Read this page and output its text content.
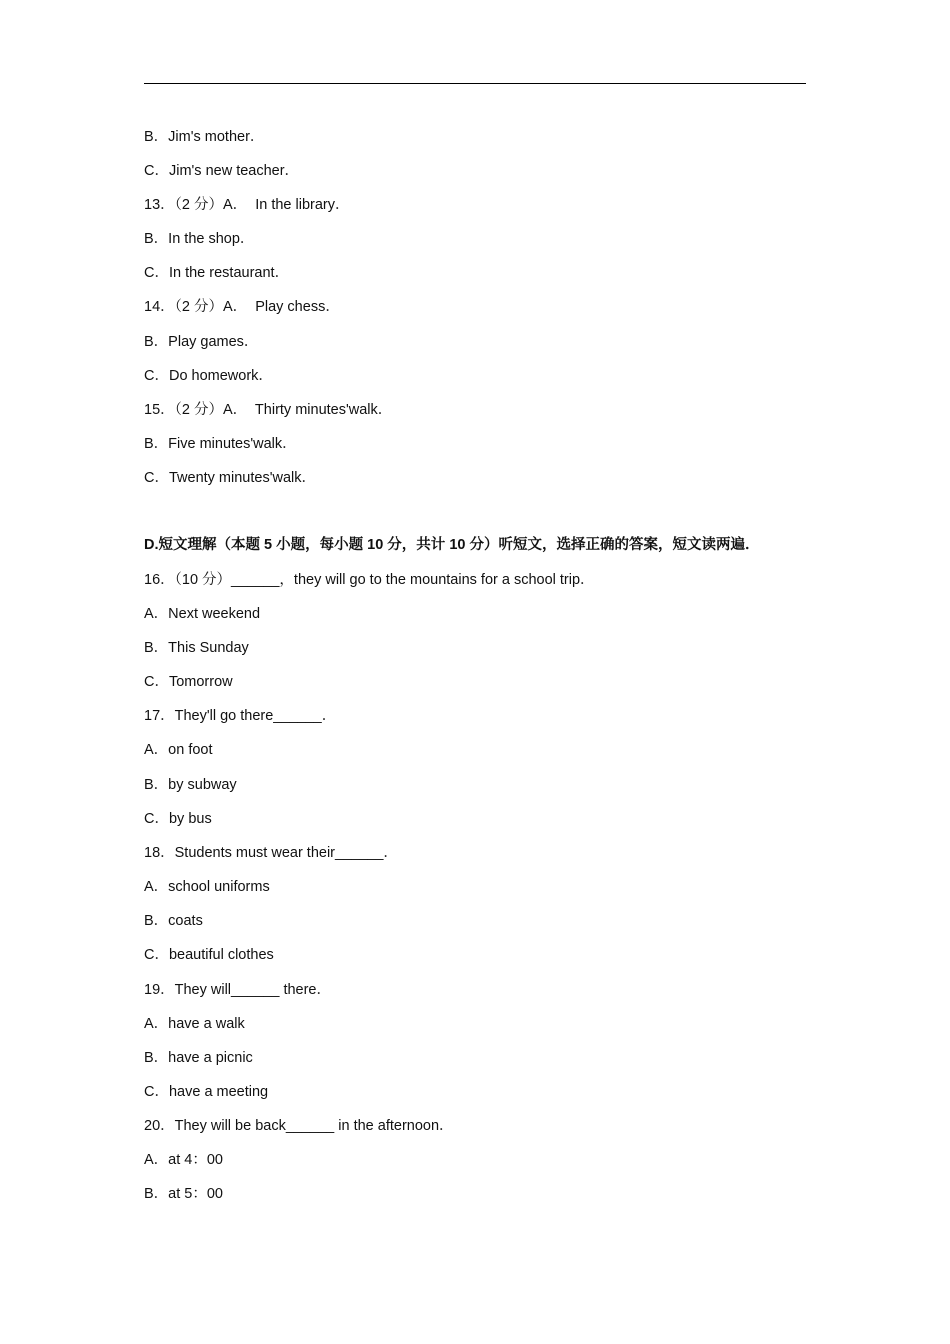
B．Jim's mother．
C．Jim's new teacher．
13．（2 分）A．  In the library．
B．In the shop．
C．In the restaurant．
14．（2 分）A．  Play chess．
B．Play games．
C．Do homework．
15．（2 分）A．  Thirty minutes'walk．
B．Five minutes'walk．
C．Twenty minutes'walk．
D.短文理解（本题 5 小题，每小题 10 分，共计 10 分）听短文，选择正确的答案，短文读两遍．
16．（10 分）______，they will go to the mountains for a school trip．
A．Next weekend
B．This Sunday
C．Tomorrow
17．They'll go there______．
A．on foot
B．by subway
C．by bus
18．Students must wear their______．
A．school uniforms
B．coats
C．beautiful clothes
19．They will______ there．
A．have a walk
B．have a picnic
C．have a meeting
20．They will be back______ in the afternoon．
A．at 4：00
B．at 5：00
